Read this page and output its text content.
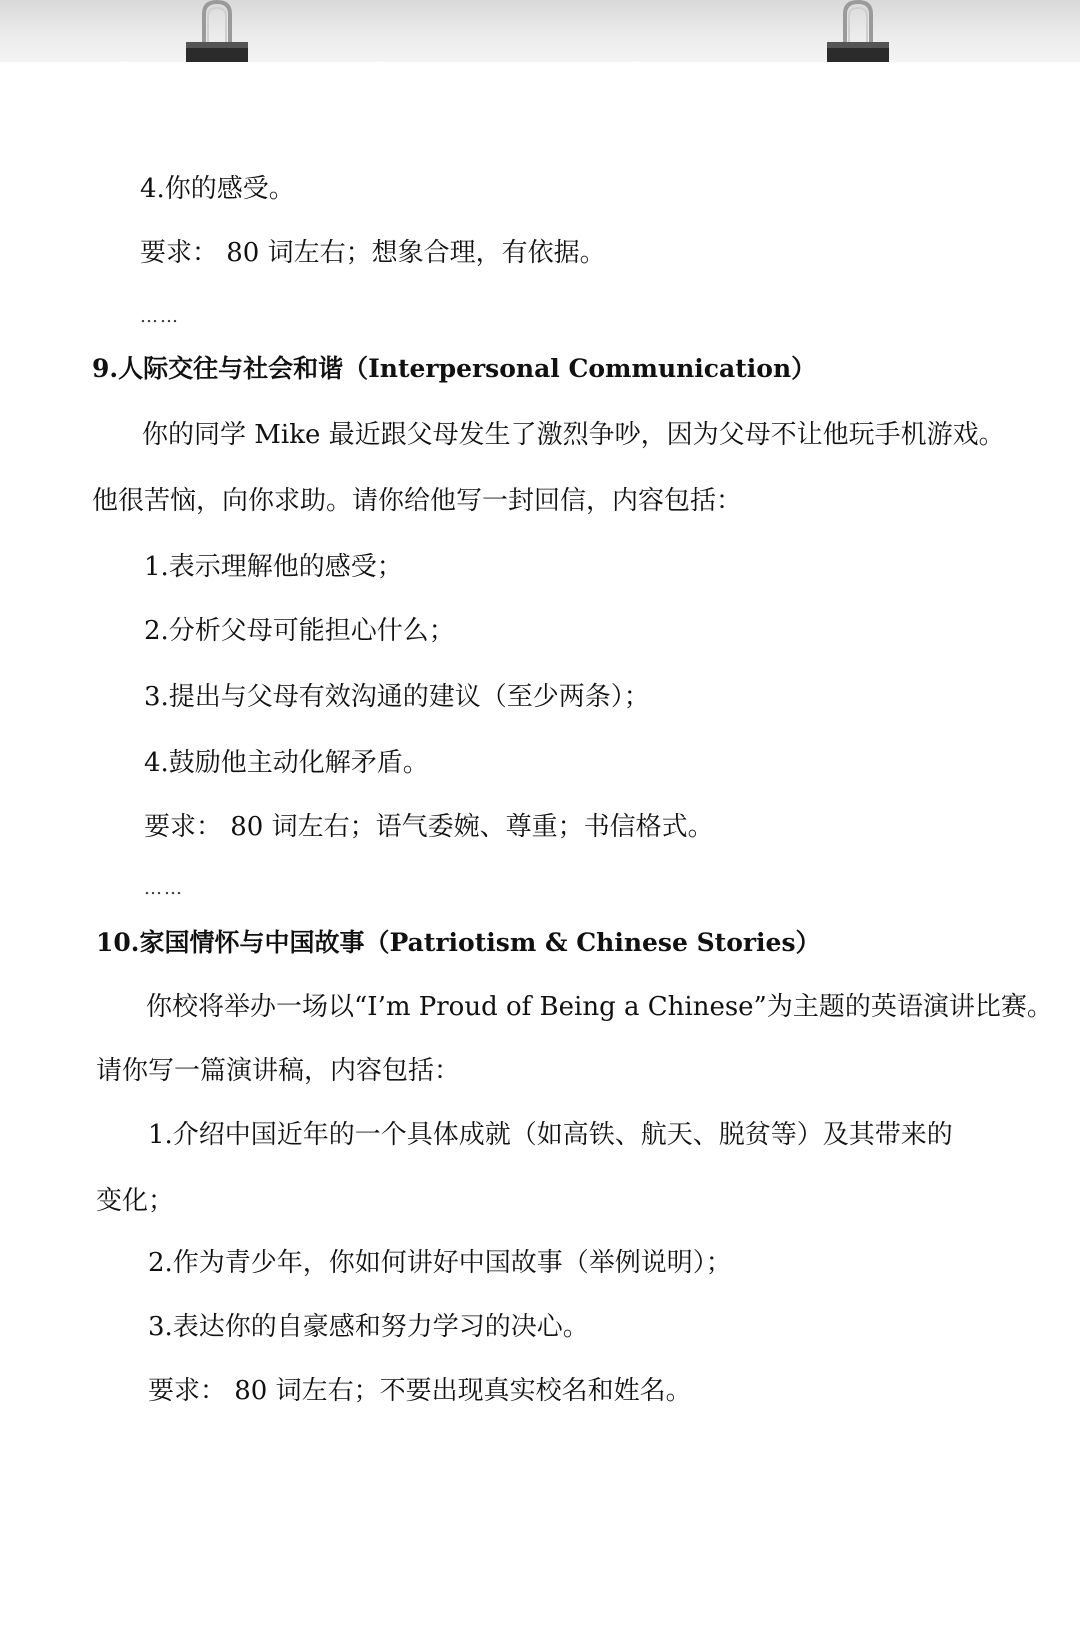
4.你的感受。
要求： 80 词左右；想象合理，有依据。
……
9.人际交往与社会和谐（Interpersonal Communication）
你的同学 Mike 最近跟父母发生了激烈争吵，因为父母不让他玩手机游戏。
他很苦恼，向你求助。请你给他写一封回信，内容包括：
1.表示理解他的感受；
2.分析父母可能担心什么；
3.提出与父母有效沟通的建议（至少两条）；
4.鼓励他主动化解矛盾。
要求： 80 词左右；语气委婉、尊重；书信格式。
……
10.家国情怀与中国故事（Patriotism & Chinese Stories）
你校将举办一场以“I’m Proud of Being a Chinese”为主题的英语演讲比赛。
请你写一篇演讲稿，内容包括：
1.介绍中国近年的一个具体成就（如高铁、航天、脱贫等）及其带来的
变化；
2.作为青少年，你如何讲好中国故事（举例说明）；
3.表达你的自豪感和努力学习的决心。
要求： 80 词左右；不要出现真实校名和姓名。
